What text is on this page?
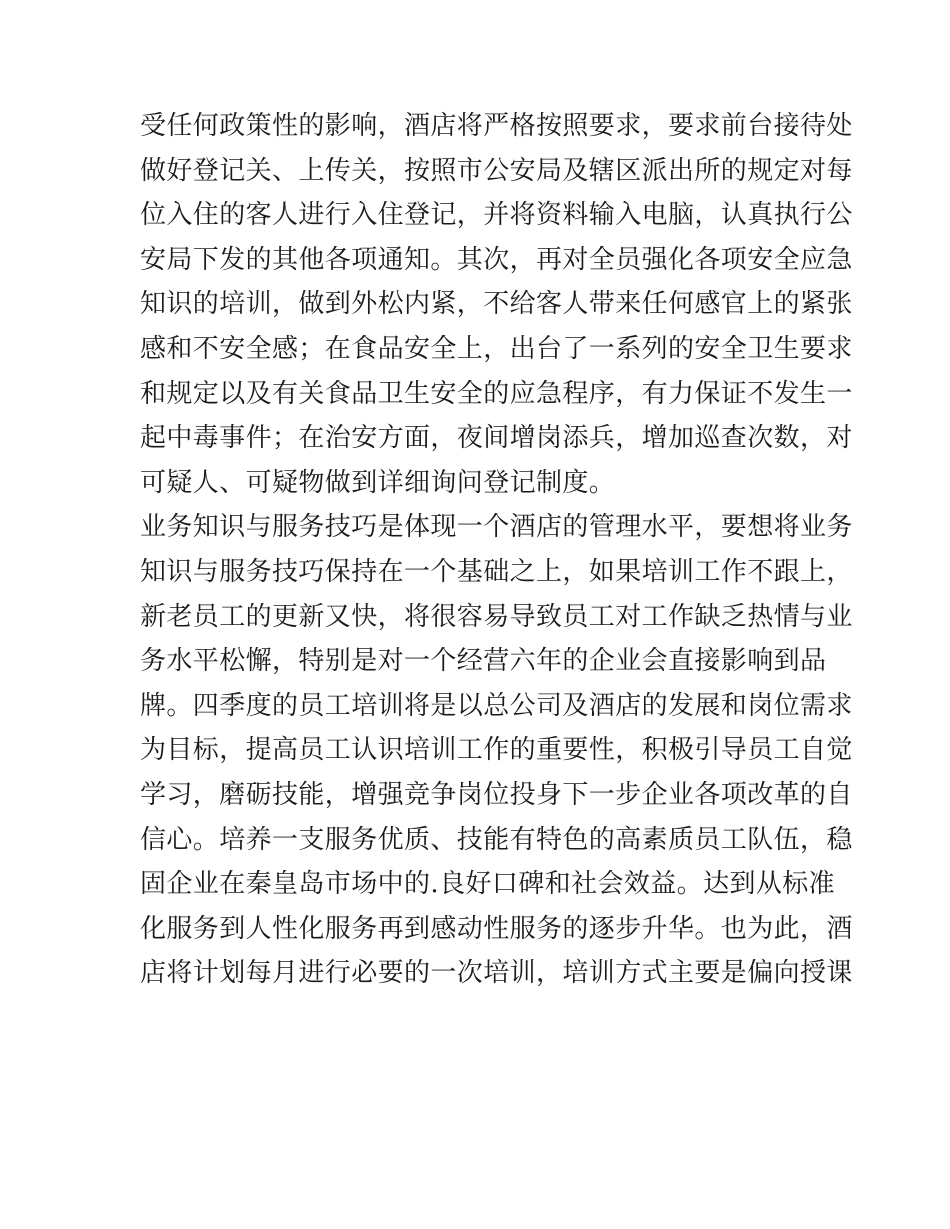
受任何政策性的影响，酒店将严格按照要求，要求前台接待处
做好登记关、上传关，按照市公安局及辖区派出所的规定对每
位入住的客人进行入住登记，并将资料输入电脑，认真执行公
安局下发的其他各项通知。其次，再对全员强化各项安全应急
知识的培训，做到外松内紧，不给客人带来任何感官上的紧张
感和不安全感；在食品安全上，出台了一系列的安全卫生要求
和规定以及有关食品卫生安全的应急程序，有力保证不发生一
起中毒事件；在治安方面，夜间增岗添兵，增加巡查次数，对
可疑人、可疑物做到详细询问登记制度。
业务知识与服务技巧是体现一个酒店的管理水平，要想将业务
知识与服务技巧保持在一个基础之上，如果培训工作不跟上，
新老员工的更新又快，将很容易导致员工对工作缺乏热情与业
务水平松懈，特别是对一个经营六年的企业会直接影响到品
牌。四季度的员工培训将是以总公司及酒店的发展和岗位需求
为目标，提高员工认识培训工作的重要性，积极引导员工自觉
学习，磨砺技能，增强竞争岗位投身下一步企业各项改革的自
信心。培养一支服务优质、技能有特色的高素质员工队伍，稳
固企业在秦皇岛市场中的.良好口碑和社会效益。达到从标准
化服务到人性化服务再到感动性服务的逐步升华。也为此，酒
店将计划每月进行必要的一次培训，培训方式主要是偏向授课
